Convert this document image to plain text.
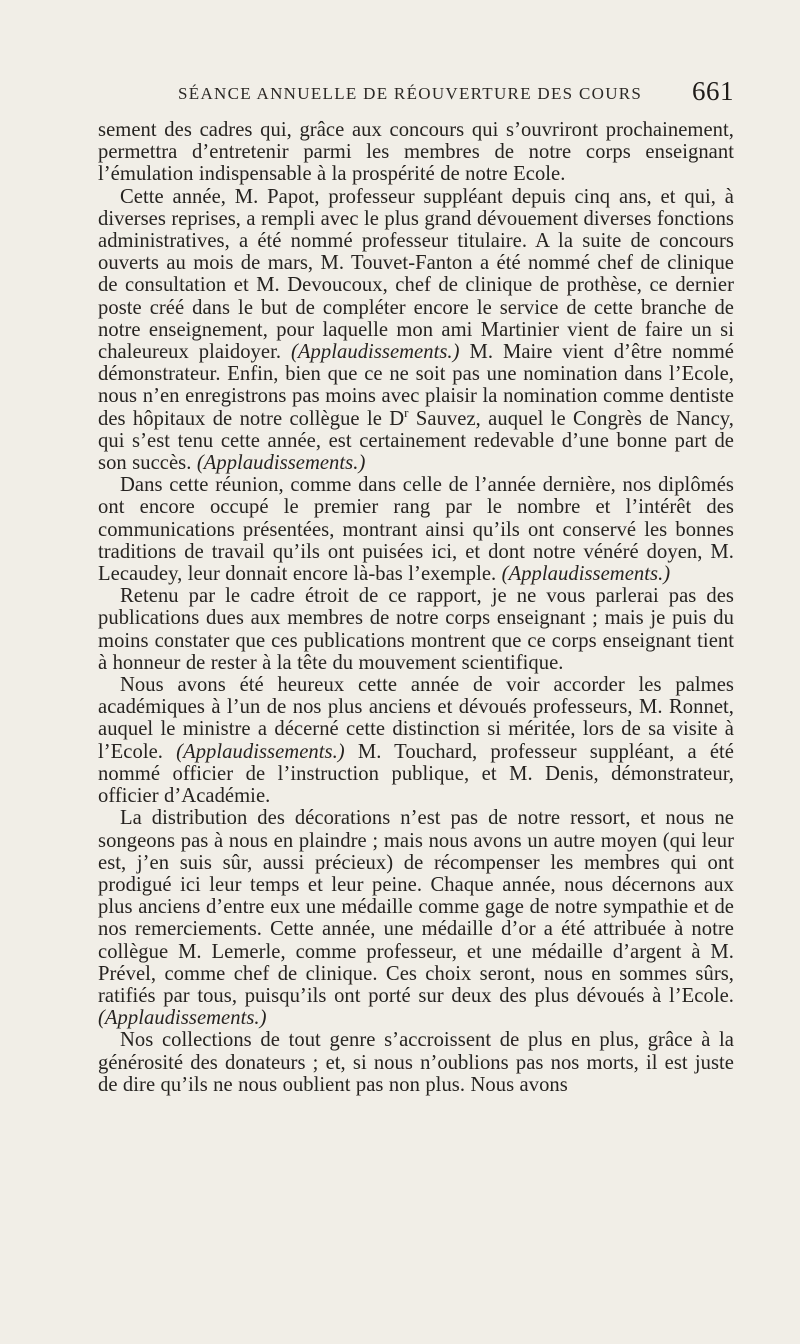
SÉANCE ANNUELLE DE RÉOUVERTURE DES COURS 661

sement des cadres qui, grâce aux concours qui s’ouvriront prochainement, permettra d’entretenir parmi les membres de notre corps enseignant l’émulation indispensable à la prospérité de notre Ecole.

Cette année, M. Papot, professeur suppléant depuis cinq ans, et qui, à diverses reprises, a rempli avec le plus grand dévouement diverses fonctions administratives, a été nommé professeur titulaire. A la suite de concours ouverts au mois de mars, M. Touvet-Fanton a été nommé chef de clinique de consultation et M. Devoucoux, chef de clinique de prothèse, ce dernier poste créé dans le but de compléter encore le service de cette branche de notre enseignement, pour laquelle mon ami Martinier vient de faire un si chaleureux plaidoyer. (Applaudissements.) M. Maire vient d’être nommé démonstrateur. Enfin, bien que ce ne soit pas une nomination dans l’Ecole, nous n’en enregistrons pas moins avec plaisir la nomination comme dentiste des hôpitaux de notre collègue le $D^r$ Sauvez, auquel le Congrès de Nancy, qui s’est tenu cette année, est certainement redevable d’une bonne part de son succès. (Applaudissements.)

Dans cette réunion, comme dans celle de l’année dernière, nos diplômés ont encore occupé le premier rang par le nombre et l’intérêt des communications présentées, montrant ainsi qu’ils ont conservé les bonnes traditions de travail qu’ils ont puisées ici, et dont notre vénéré doyen, M. Lecaudey, leur donnait encore là-bas l’exemple. (Applaudissements.)

Retenu par le cadre étroit de ce rapport, je ne vous parlerai pas des publications dues aux membres de notre corps enseignant ; mais je puis du moins constater que ces publications montrent que ce corps enseignant tient à honneur de rester à la tête du mouvement scientifique.

Nous avons été heureux cette année de voir accorder les palmes académiques à l’un de nos plus anciens et dévoués professeurs, M. Ronnet, auquel le ministre a décerné cette distinction si méritée, lors de sa visite à l’Ecole. (Applaudissements.) M. Touchard, professeur suppléant, a été nommé officier de l’instruction publique, et M. Denis, démonstrateur, officier d’Académie.

La distribution des décorations n’est pas de notre ressort, et nous ne songeons pas à nous en plaindre ; mais nous avons un autre moyen (qui leur est, j’en suis sûr, aussi précieux) de récompenser les membres qui ont prodigué ici leur temps et leur peine. Chaque année, nous décernons aux plus anciens d’entre eux une médaille comme gage de notre sympathie et de nos remerciements. Cette année, une médaille d’or a été attribuée à notre collègue M. Lemerle, comme professeur, et une médaille d’argent à M. Prével, comme chef de clinique. Ces choix seront, nous en sommes sûrs, ratifiés par tous, puisqu’ils ont porté sur deux des plus dévoués à l’Ecole. (Applaudissements.)

Nos collections de tout genre s’accroissent de plus en plus, grâce à la générosité des donateurs ; et, si nous n’oublions pas nos morts, il est juste de dire qu’ils ne nous oublient pas non plus. Nous avons
